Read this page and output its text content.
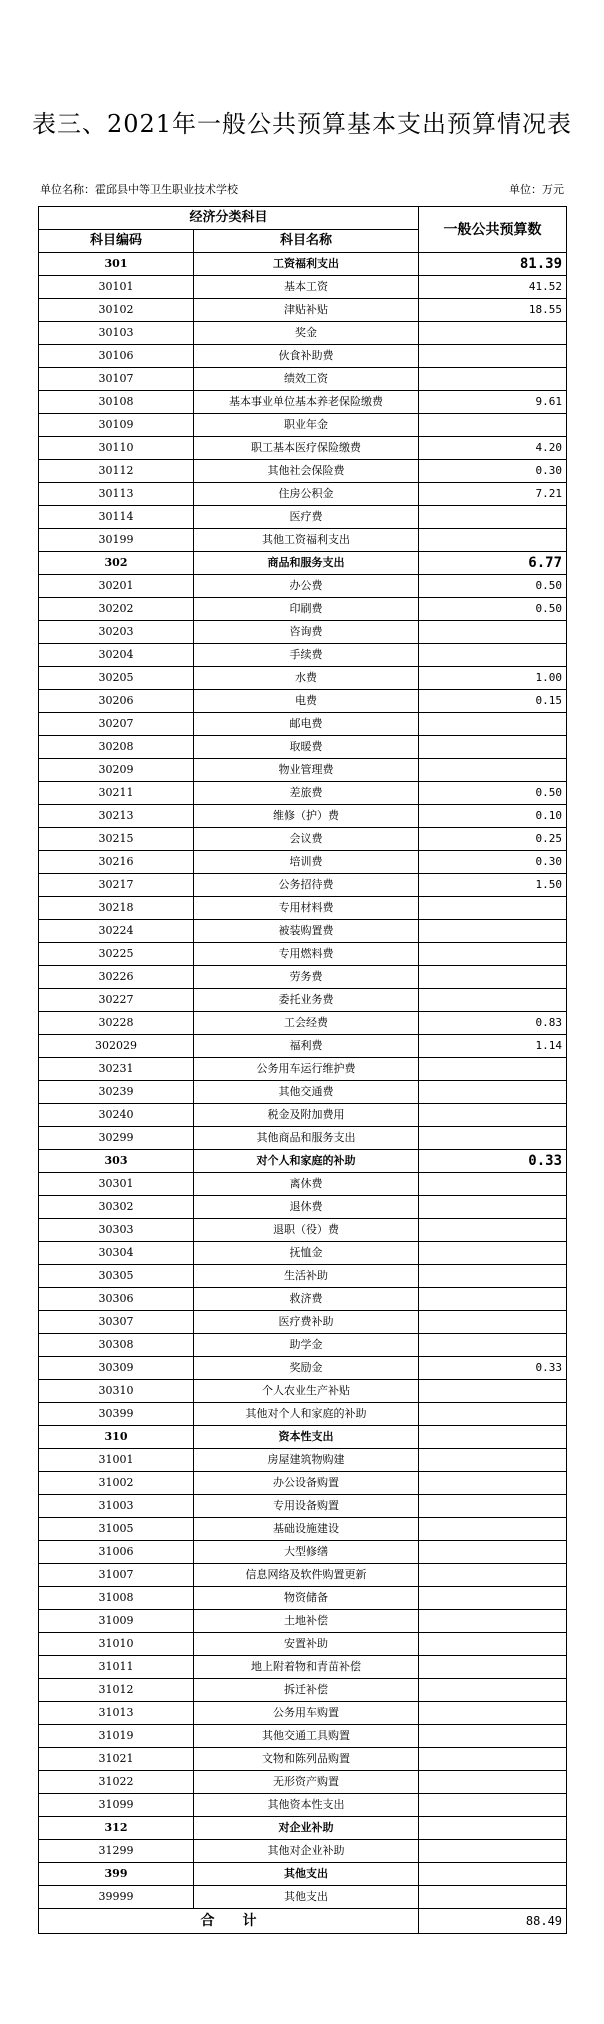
表三、2021年一般公共预算基本支出预算情况表
单位名称：霍邱县中等卫生职业技术学校	单位：万元
经济分类科目		一般公共预算数
科目编码	科目名称	
301	工资福利支出	81.39
30101	基本工资	41.52
30102	津贴补贴	18.55
30103	奖金	
30106	伙食补助费	
30107	绩效工资	
30108	基本事业单位基本养老保险缴费	9.61
30109	职业年金	
30110	职工基本医疗保险缴费	4.20
30112	其他社会保险费	0.30
30113	住房公积金	7.21
30114	医疗费	
30199	其他工资福利支出	
302	商品和服务支出	6.77
30201	办公费	0.50
30202	印刷费	0.50
30203	咨询费	
30204	手续费	
30205	水费	1.00
30206	电费	0.15
30207	邮电费	
30208	取暖费	
30209	物业管理费	
30211	差旅费	0.50
30213	维修（护）费	0.10
30215	会议费	0.25
30216	培训费	0.30
30217	公务招待费	1.50
30218	专用材料费	
30224	被装购置费	
30225	专用燃料费	
30226	劳务费	
30227	委托业务费	
30228	工会经费	0.83
302029	福利费	1.14
30231	公务用车运行维护费	
30239	其他交通费	
30240	税金及附加费用	
30299	其他商品和服务支出	
303	对个人和家庭的补助	0.33
30301	离休费	
30302	退休费	
30303	退职（役）费	
30304	抚恤金	
30305	生活补助	
30306	救济费	
30307	医疗费补助	
30308	助学金	
30309	奖励金	0.33
30310	个人农业生产补贴	
30399	其他对个人和家庭的补助	
310	资本性支出	
31001	房屋建筑物购建	
31002	办公设备购置	
31003	专用设备购置	
31005	基础设施建设	
31006	大型修缮	
31007	信息网络及软件购置更新	
31008	物资储备	
31009	土地补偿	
31010	安置补助	
31011	地上附着物和青苗补偿	
31012	拆迁补偿	
31013	公务用车购置	
31019	其他交通工具购置	
31021	文物和陈列品购置	
31022	无形资产购置	
31099	其他资本性支出	
312	对企业补助	
31299	其他对企业补助	
399	其他支出	
39999	其他支出	
合　　计		88.49
